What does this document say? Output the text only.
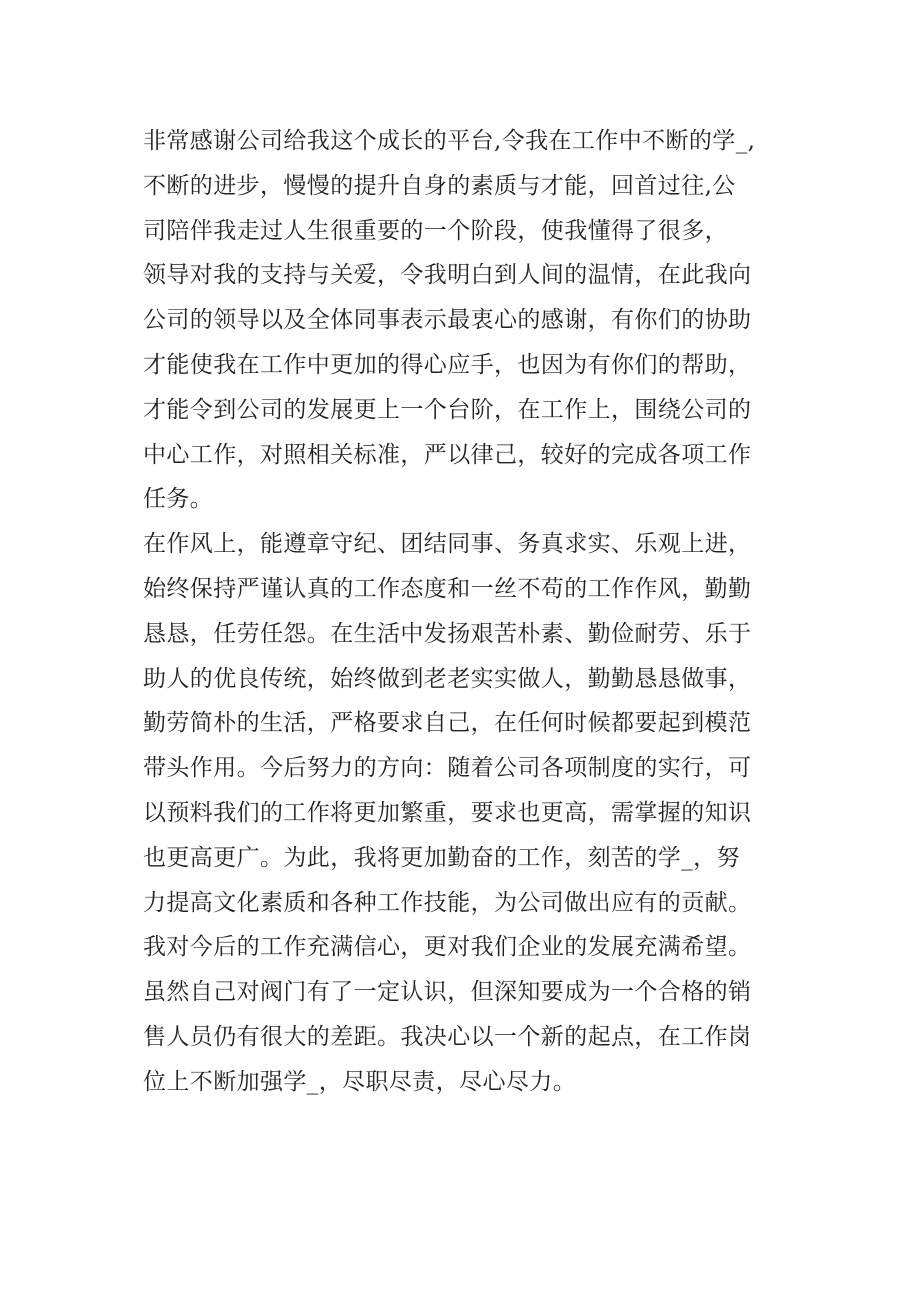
非常感谢公司给我这个成长的平台,令我在工作中不断的学_,
不断的进步，慢慢的提升自身的素质与才能，回首过往,公
司陪伴我走过人生很重要的一个阶段，使我懂得了很多，
领导对我的支持与关爱，令我明白到人间的温情，在此我向
公司的领导以及全体同事表示最衷心的感谢，有你们的协助
才能使我在工作中更加的得心应手，也因为有你们的帮助，
才能令到公司的发展更上一个台阶，在工作上，围绕公司的
中心工作，对照相关标准，严以律己，较好的完成各项工作
任务。
在作风上，能遵章守纪、团结同事、务真求实、乐观上进，
始终保持严谨认真的工作态度和一丝不苟的工作作风，勤勤
恳恳，任劳任怨。在生活中发扬艰苦朴素、勤俭耐劳、乐于
助人的优良传统，始终做到老老实实做人，勤勤恳恳做事，
勤劳简朴的生活，严格要求自己，在任何时候都要起到模范
带头作用。今后努力的方向：随着公司各项制度的实行，可
以预料我们的工作将更加繁重，要求也更高，需掌握的知识
也更高更广。为此，我将更加勤奋的工作，刻苦的学_，努
力提高文化素质和各种工作技能，为公司做出应有的贡献。
我对今后的工作充满信心，更对我们企业的发展充满希望。
虽然自己对阀门有了一定认识，但深知要成为一个合格的销
售人员仍有很大的差距。我决心以一个新的起点，在工作岗
位上不断加强学_，尽职尽责，尽心尽力。
